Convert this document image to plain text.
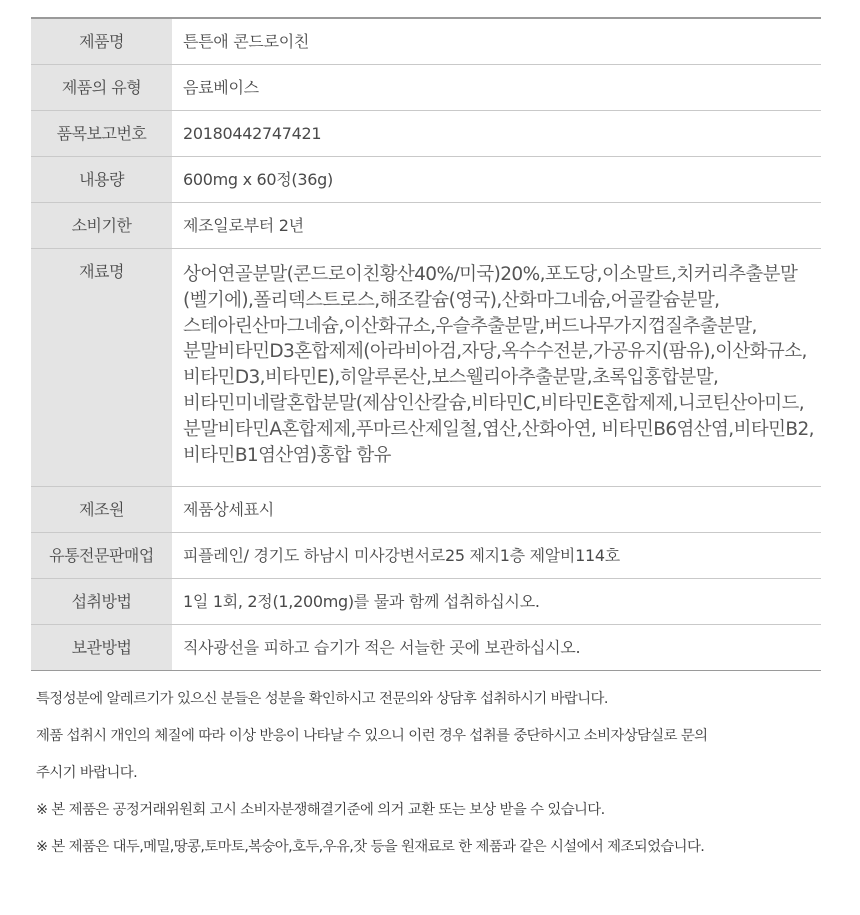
제품명	튼튼애 콘드로이친
제품의 유형	음료베이스
품목보고번호	20180442747421
내용량	600mg x 60정(36g)
소비기한	제조일로부터 2년
재료명	상어연골분말(콘드로이친황산40%/미국)20%,포도당,이소말트,치커리추출분말(벨기에),폴리덱스트로스,해조칼슘(영국),산화마그네슘,어골칼슘분말,스테아린산마그네슘,이산화규소,우슬추출분말,버드나무가지껍질추출분말,분말비타민D3혼합제제(아라비아검,자당,옥수수전분,가공유지(팜유),이산화규소,비타민D3,비타민E),히알루론산,보스웰리아추출분말,초록입홍합분말,비타민미네랄혼합분말(제삼인산칼슘,비타민C,비타민E혼합제제,니코틴산아미드,분말비타민A혼합제제,푸마르산제일철,엽산,산화아연, 비타민B6염산염,비타민B2,비타민B1염산염)홍합 함유
제조원	제품상세표시
유통전문판매업	피플레인/ 경기도 하남시 미사강변서로25 제지1층 제알비114호
섭취방법	1일 1회, 2정(1,200mg)를 물과 함께 섭취하십시오.
보관방법	직사광선을 피하고 습기가 적은 서늘한 곳에 보관하십시오.

특정성분에 알레르기가 있으신 분들은 성분을 확인하시고 전문의와 상담후 섭취하시기 바랍니다.

제품 섭취시 개인의 체질에 따라 이상 반응이 나타날 수 있으니 이런 경우 섭취를 중단하시고 소비자상담실로 문의

주시기 바랍니다.

※ 본 제품은 공정거래위원회 고시 소비자분쟁해결기준에 의거 교환 또는 보상 받을 수 있습니다.

※ 본 제품은 대두,메밀,땅콩,토마토,복숭아,호두,우유,잣 등을 원재료로 한 제품과 같은 시설에서 제조되었습니다.
